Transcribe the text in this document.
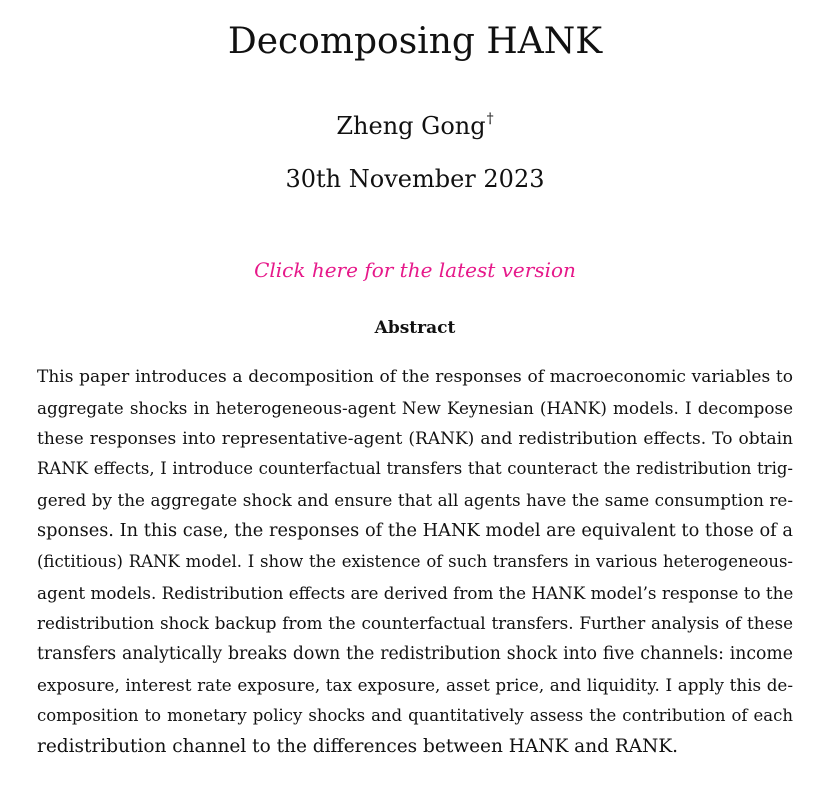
Decomposing HANK
Zheng Gong†
30th November 2023
Click here for the latest version
Abstract
This paper introduces a decomposition of the responses of macroeconomic variables to
aggregate shocks in heterogeneous-agent New Keynesian (HANK) models. I decompose
these responses into representative-agent (RANK) and redistribution effects. To obtain
RANK effects, I introduce counterfactual transfers that counteract the redistribution trig-
gered by the aggregate shock and ensure that all agents have the same consumption re-
sponses. In this case, the responses of the HANK model are equivalent to those of a
(fictitious) RANK model. I show the existence of such transfers in various heterogeneous-
agent models. Redistribution effects are derived from the HANK model’s response to the
redistribution shock backup from the counterfactual transfers. Further analysis of these
transfers analytically breaks down the redistribution shock into five channels: income
exposure, interest rate exposure, tax exposure, asset price, and liquidity. I apply this de-
composition to monetary policy shocks and quantitatively assess the contribution of each
redistribution channel to the differences between HANK and RANK.
